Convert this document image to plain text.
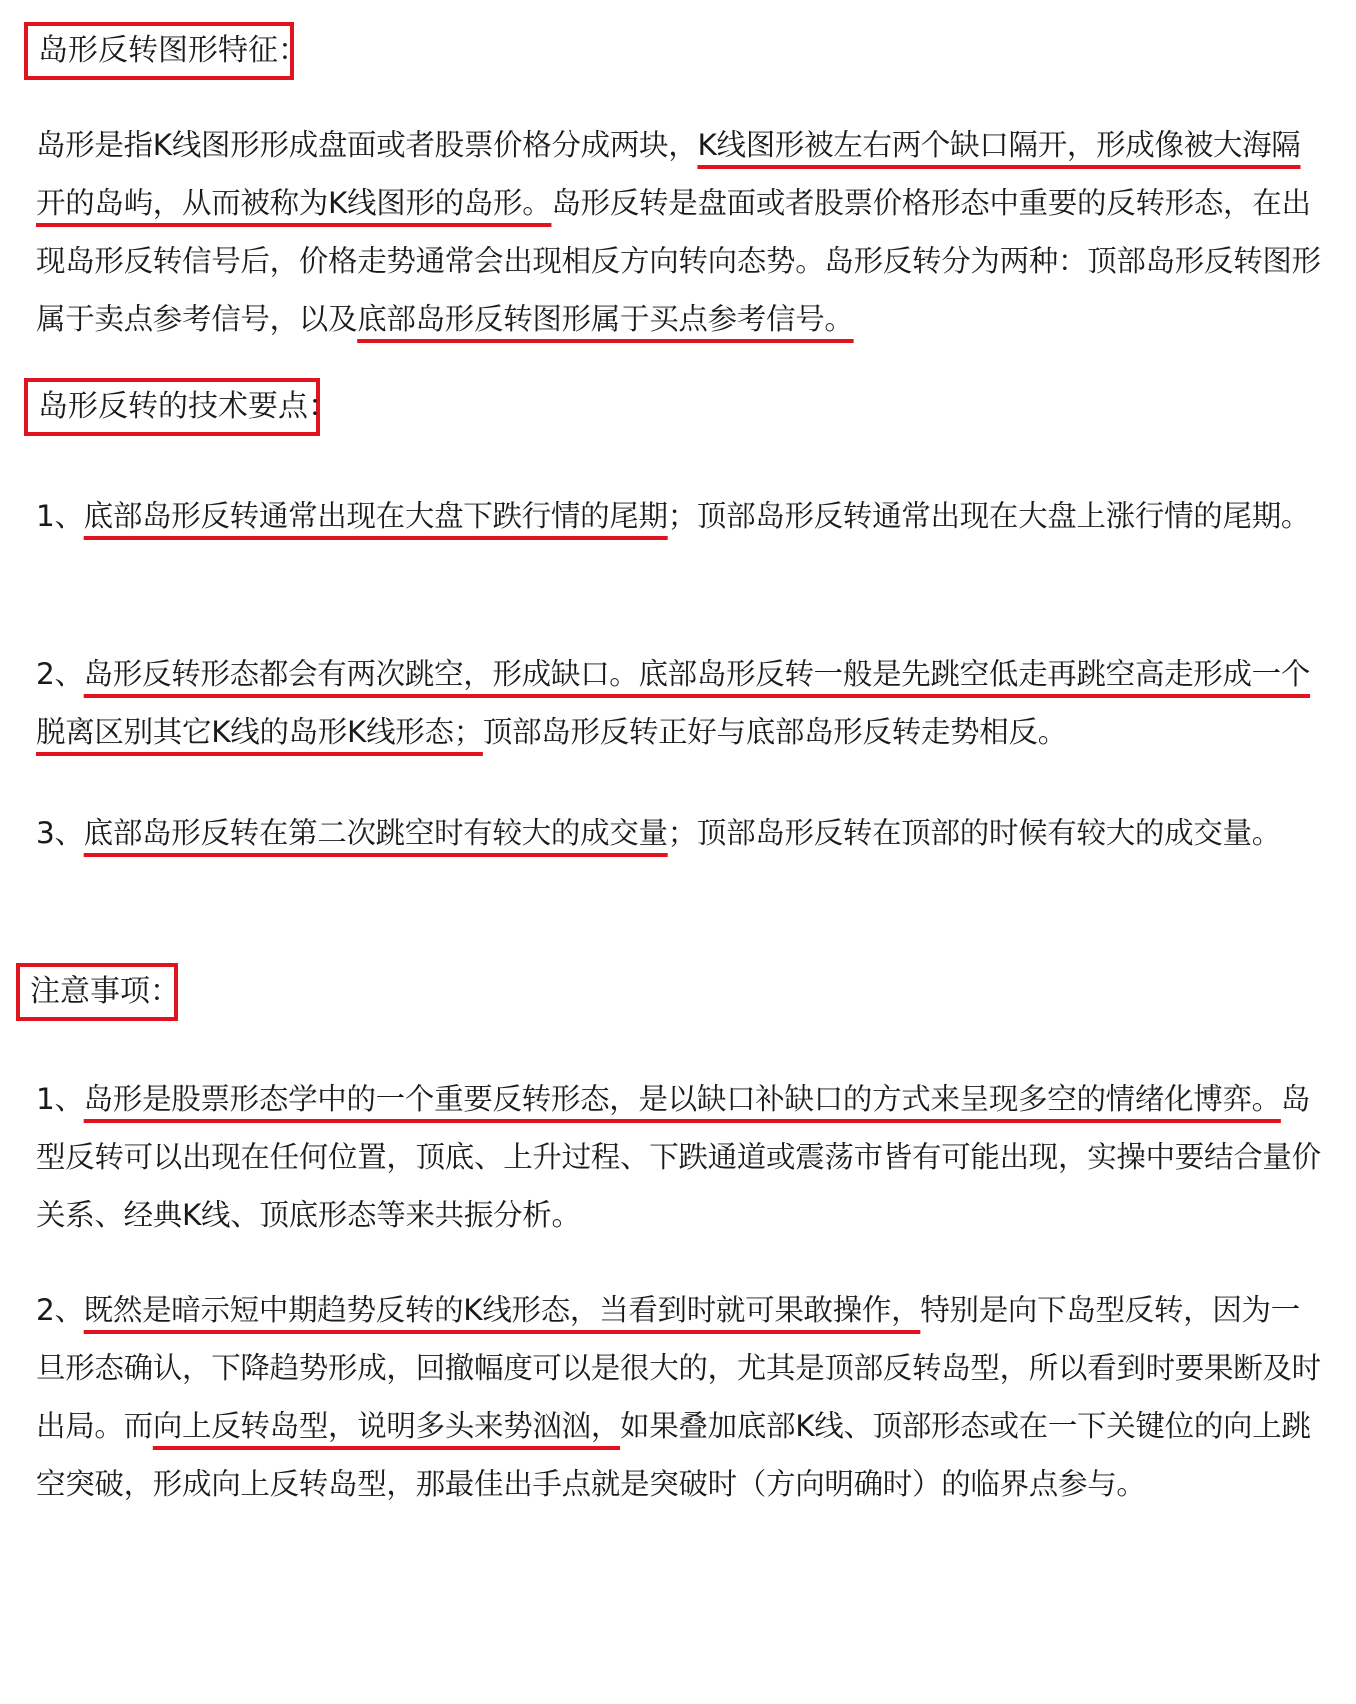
岛形反转图形特征：

岛形是指K线图形形成盘面或者股票价格分成两块，K线图形被左右两个缺口隔开，形成像被大海隔开的岛屿，从而被称为K线图形的岛形。岛形反转是盘面或者股票价格形态中重要的反转形态，在出现岛形反转信号后，价格走势通常会出现相反方向转向态势。岛形反转分为两种：顶部岛形反转图形属于卖点参考信号，以及底部岛形反转图形属于买点参考信号。

岛形反转的技术要点：

1、底部岛形反转通常出现在大盘下跌行情的尾期；顶部岛形反转通常出现在大盘上涨行情的尾期。

2、岛形反转形态都会有两次跳空，形成缺口。底部岛形反转一般是先跳空低走再跳空高走形成一个脱离区别其它K线的岛形K线形态；顶部岛形反转正好与底部岛形反转走势相反。

3、底部岛形反转在第二次跳空时有较大的成交量；顶部岛形反转在顶部的时候有较大的成交量。

注意事项：

1、岛形是股票形态学中的一个重要反转形态，是以缺口补缺口的方式来呈现多空的情绪化博弈。岛型反转可以出现在任何位置，顶底、上升过程、下跌通道或震荡市皆有可能出现，实操中要结合量价关系、经典K线、顶底形态等来共振分析。

2、既然是暗示短中期趋势反转的K线形态，当看到时就可果敢操作，特别是向下岛型反转，因为一旦形态确认，下降趋势形成，回撤幅度可以是很大的，尤其是顶部反转岛型，所以看到时要果断及时出局。而向上反转岛型，说明多头来势汹汹，如果叠加底部K线、顶部形态或在一下关键位的向上跳空突破，形成向上反转岛型，那最佳出手点就是突破时（方向明确时）的临界点参与。
